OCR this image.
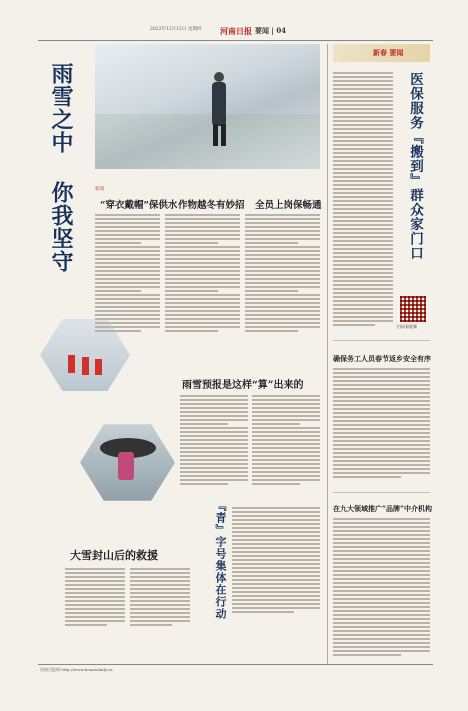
河南日报
2022年12月15日 星期四	要闻 | 04
雨雪之中 你我坚守	新闻
“穿衣戴帽”保供水 作物越冬有妙招 全员上岗保畅通
雨雪预报是这样“算”出来的
大雪封山后的救援	『青』字号集体在行动
新春 要闻
医保服务『搬到』群众家门口
扫码看视频
确保务工人员春节返乡安全有序
在九大领域推广“品牌”中介机构
河南日报网 http://www.henandaily.cn
